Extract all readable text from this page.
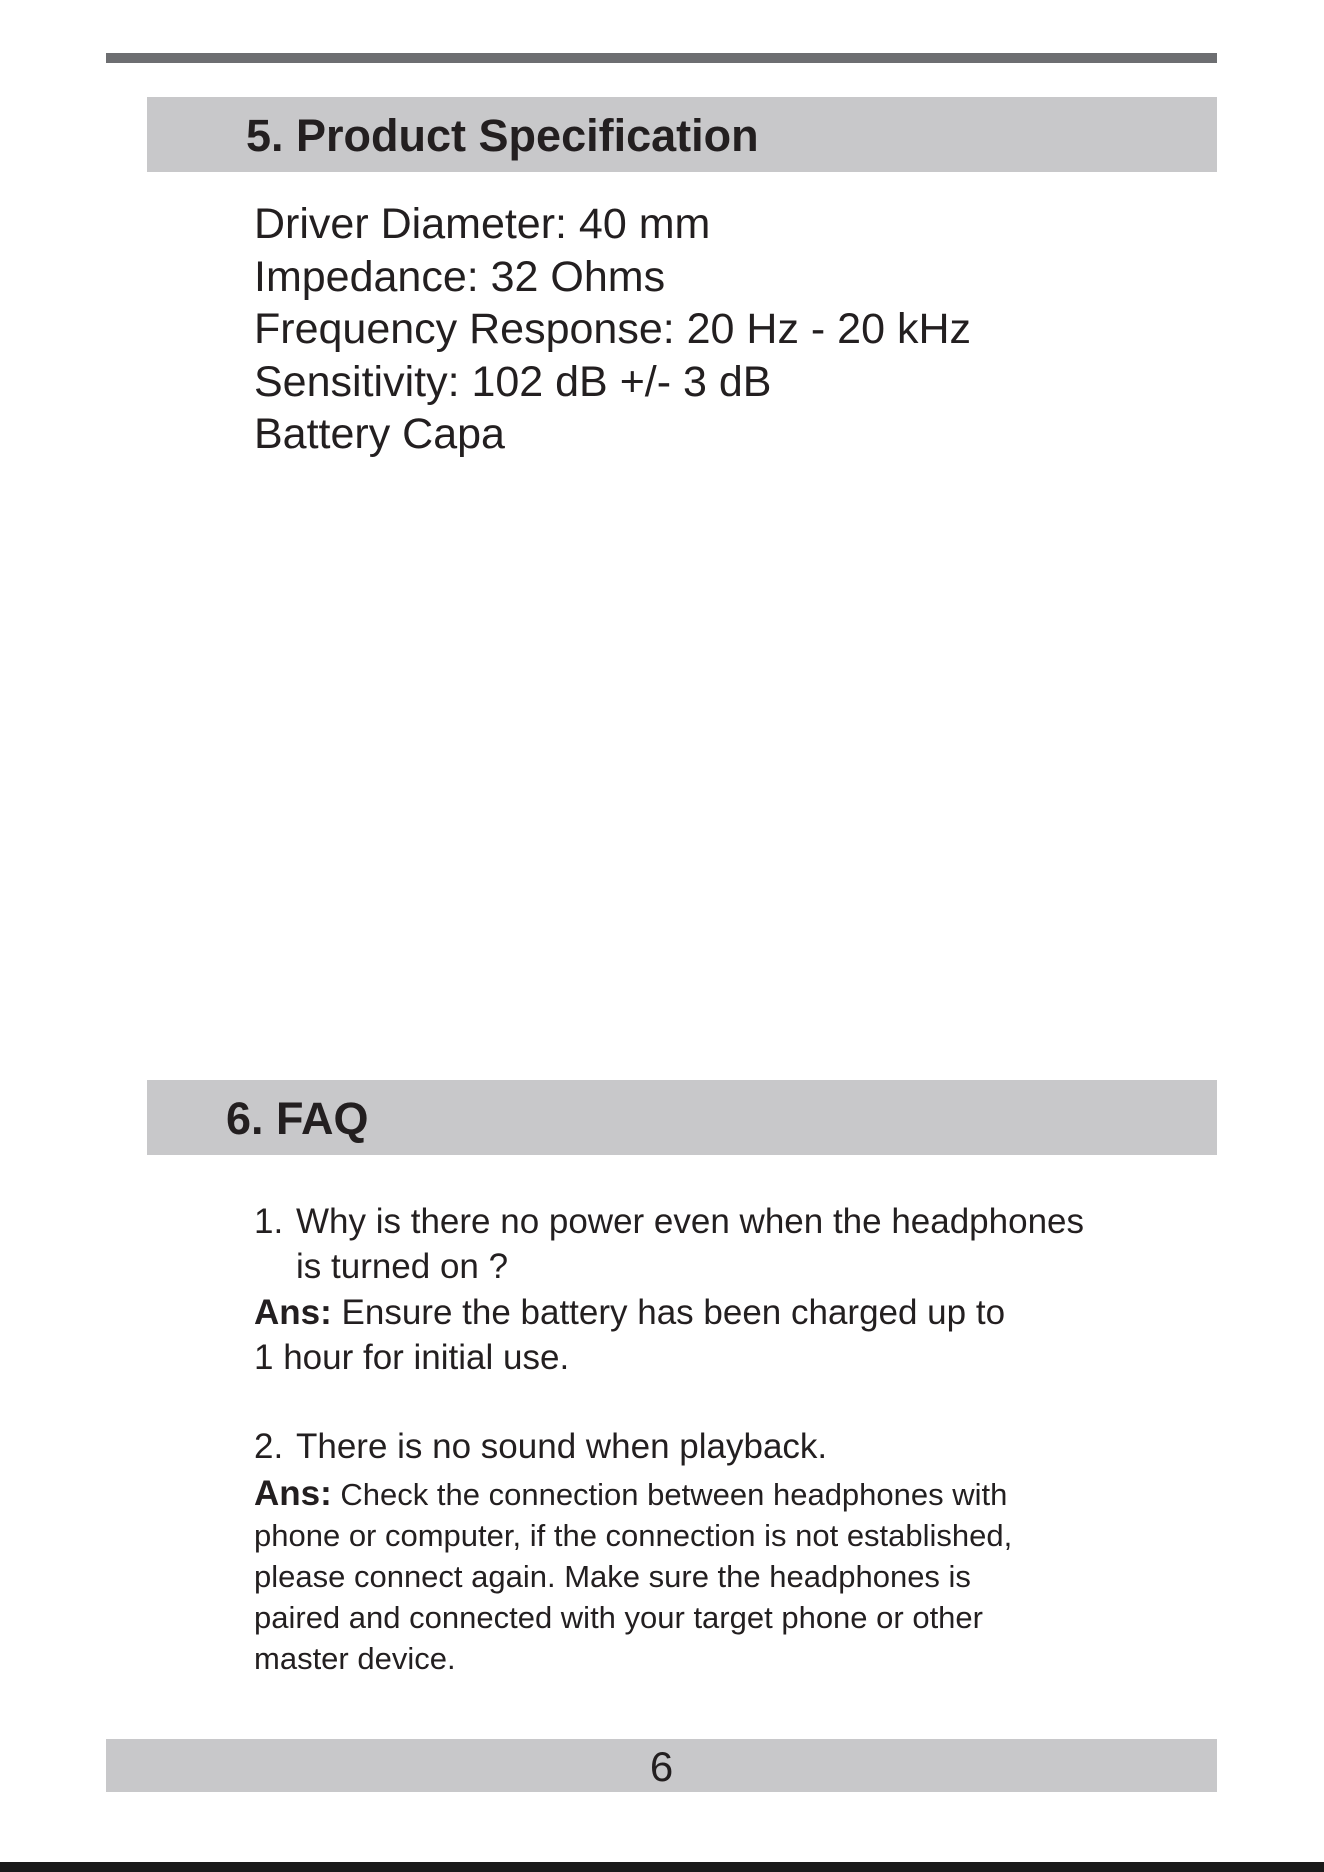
5. Product Specification
Driver Diameter: 40 mm
Impedance: 32 Ohms
Frequency Response: 20 Hz - 20 kHz
Sensitivity: 102 dB +/- 3 dB
Battery Capa
6. FAQ
1. Why is there no power even when the headphones
is turned on ?
Ans: Ensure the battery has been charged up to
1 hour for initial use.
2. There is no sound when playback.
Ans: Check the connection between headphones with
phone or computer, if the connection is not established,
please connect again. Make sure the headphones is
paired and connected with your target phone or other
master device.
6
